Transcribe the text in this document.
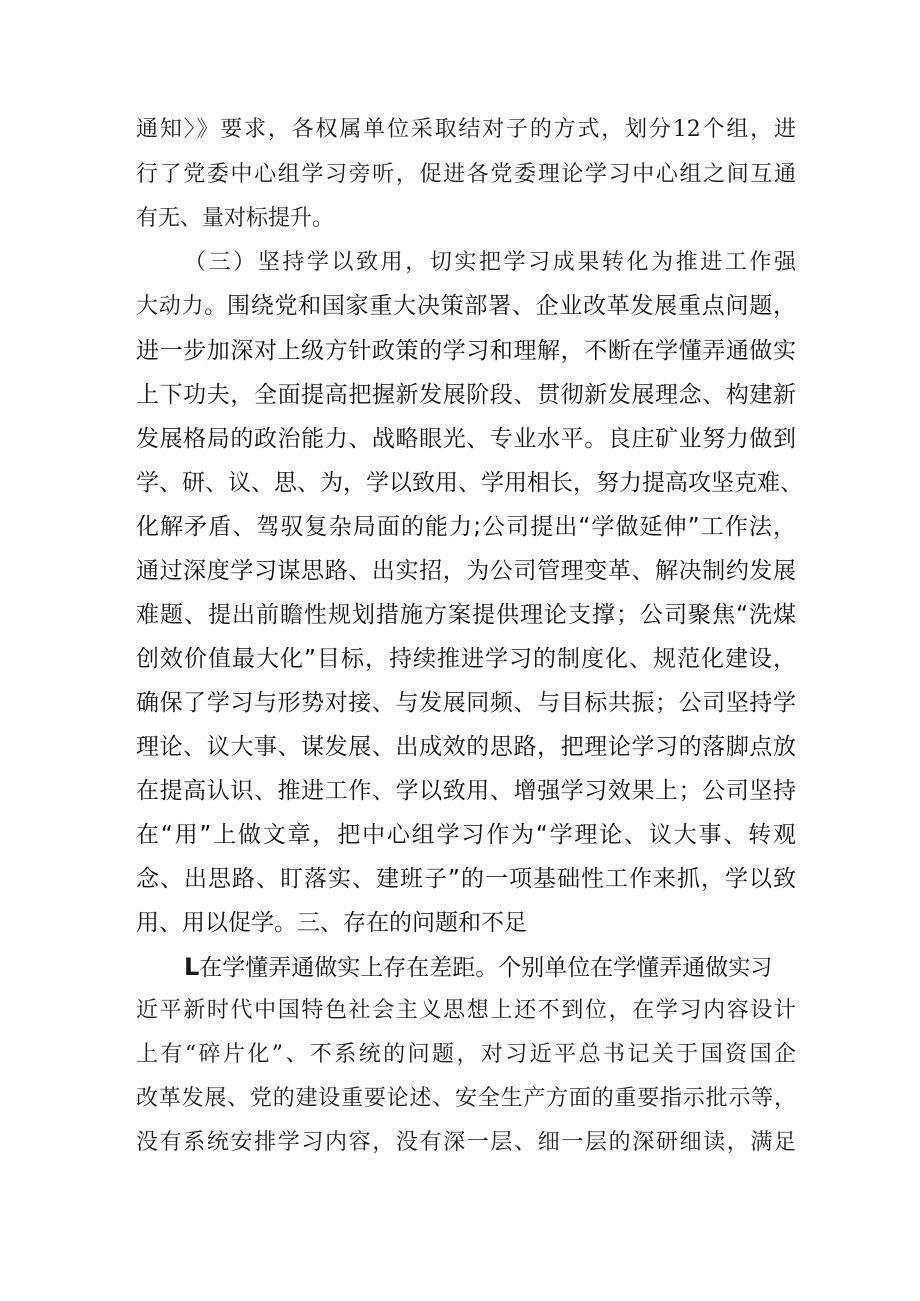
通知〉》要求，各权属单位采取结对子的方式，划分12个组，进
行了党委中心组学习旁听，促进各党委理论学习中心组之间互通
有无、量对标提升。
（三）坚持学以致用，切实把学习成果转化为推进工作强
大动力。围绕党和国家重大决策部署、企业改革发展重点问题，
进一步加深对上级方针政策的学习和理解，不断在学懂弄通做实
上下功夫，全面提高把握新发展阶段、贯彻新发展理念、构建新
发展格局的政治能力、战略眼光、专业水平。良庄矿业努力做到
学、研、议、思、为，学以致用、学用相长，努力提高攻坚克难、
化解矛盾、驾驭复杂局面的能力;公司提出“学做延伸”工作法，
通过深度学习谋思路、出实招，为公司管理变革、解决制约发展
难题、提出前瞻性规划措施方案提供理论支撑；公司聚焦“洗煤
创效价值最大化”目标，持续推进学习的制度化、规范化建设，
确保了学习与形势对接、与发展同频、与目标共振；公司坚持学
理论、议大事、谋发展、出成效的思路，把理论学习的落脚点放
在提高认识、推进工作、学以致用、增强学习效果上；公司坚持
在“用”上做文章，把中心组学习作为“学理论、议大事、转观
念、出思路、盯落实、建班子”的一项基础性工作来抓，学以致
用、用以促学。三、存在的问题和不足
L在学懂弄通做实上存在差距。个别单位在学懂弄通做实习
近平新时代中国特色社会主义思想上还不到位，在学习内容设计
上有“碎片化”、不系统的问题，对习近平总书记关于国资国企
改革发展、党的建设重要论述、安全生产方面的重要指示批示等，
没有系统安排学习内容，没有深一层、细一层的深研细读，满足
